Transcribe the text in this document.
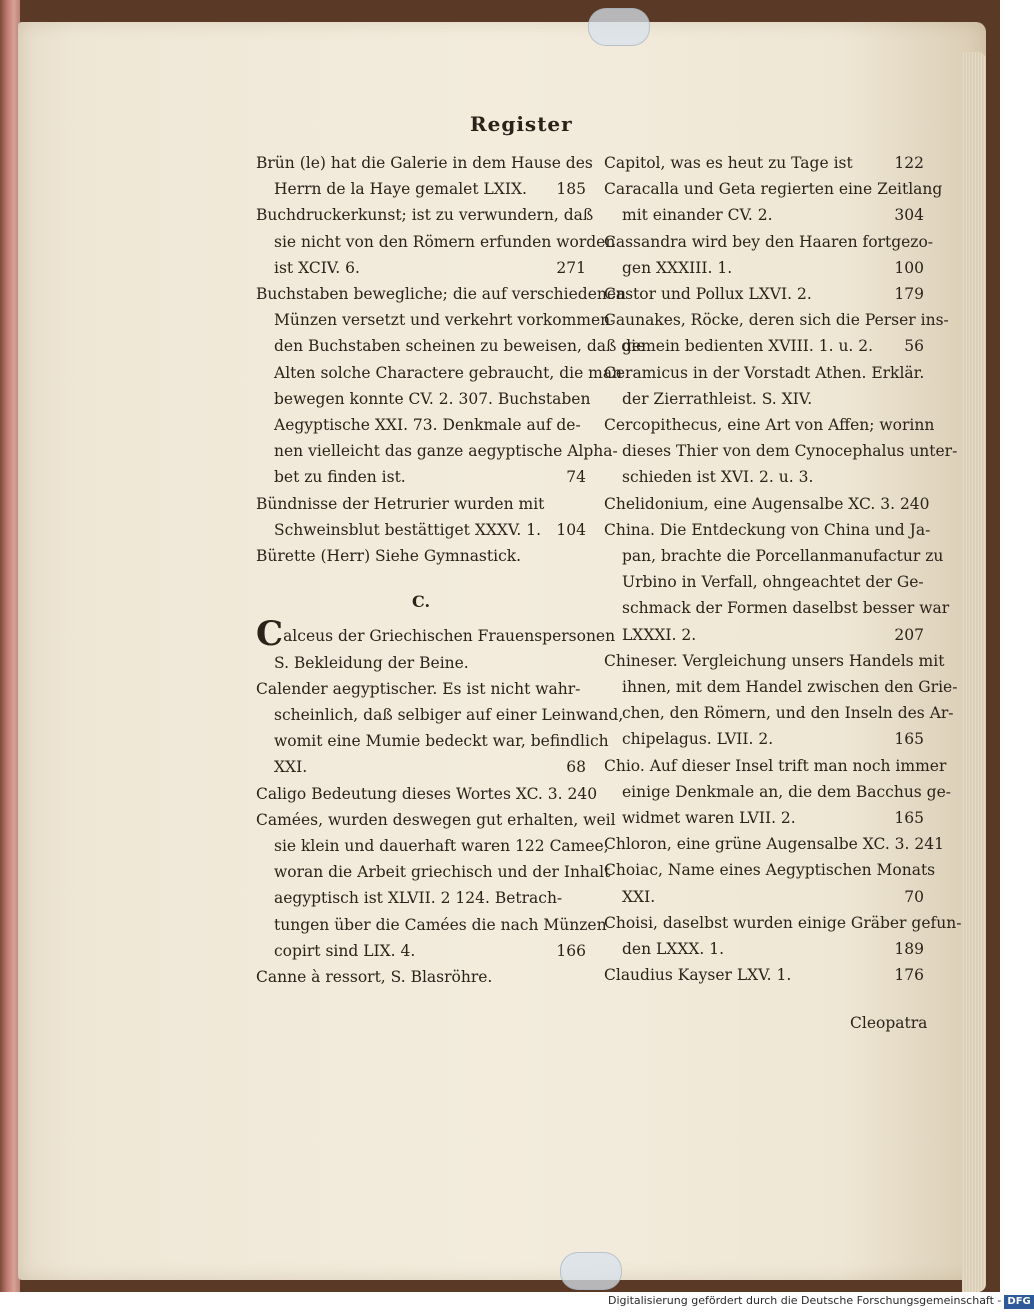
Register
Brün (le) hat die Galerie in dem Hause des
185
Herrn de la Haye gemalet LXIX.
Buchdruckerkunst; ist zu verwundern, daß
sie nicht von den Römern erfunden worden
271
ist XCIV. 6.
Buchstaben bewegliche; die auf verschiedenen
Münzen versetzt und verkehrt vorkommen-
den Buchstaben scheinen zu beweisen, daß die
Alten solche Charactere gebraucht, die man
bewegen konnte CV. 2. 307. Buchstaben
Aegyptische XXI. 73. Denkmale auf de-
nen vielleicht das ganze aegyptische Alpha-
74
bet zu finden ist.
Bündnisse der Hetrurier wurden mit
104
Schweinsblut bestättiget XXXV. 1.
Bürette (Herr) Siehe Gymnastick.
C.
Calceus der Griechischen Frauenspersonen
S. Bekleidung der Beine.
Calender aegyptischer. Es ist nicht wahr-
scheinlich, daß selbiger auf einer Leinwand,
womit eine Mumie bedeckt war, befindlich
68
XXI.
Caligo Bedeutung dieses Wortes XC. 3. 240
Camées, wurden deswegen gut erhalten, weil
sie klein und dauerhaft waren 122 Camee,
woran die Arbeit griechisch und der Inhalt
aegyptisch ist XLVII. 2 124. Betrach-
tungen über die Camées die nach Münzen
166
copirt sind LIX. 4.
Canne à ressort, S. Blasröhre.
122
Capitol, was es heut zu Tage ist
Caracalla und Geta regierten eine Zeitlang
304
mit einander CV. 2.
Cassandra wird bey den Haaren fortgezo-
100
gen XXXIII. 1.
179
Castor und Pollux LXVI. 2.
Caunakes, Röcke, deren sich die Perser ins-
56
gemein bedienten XVIII. 1. u. 2.
Ceramicus in der Vorstadt Athen. Erklär.
der Zierrathleist. S. XIV.
Cercopithecus, eine Art von Affen; worinn
dieses Thier von dem Cynocephalus unter-
schieden ist XVI. 2. u. 3.
Chelidonium, eine Augensalbe XC. 3. 240
China. Die Entdeckung von China und Ja-
pan, brachte die Porcellanmanufactur zu
Urbino in Verfall, ohngeachtet der Ge-
schmack der Formen daselbst besser war
207
LXXXI. 2.
Chineser. Vergleichung unsers Handels mit
ihnen, mit dem Handel zwischen den Grie-
chen, den Römern, und den Inseln des Ar-
165
chipelagus. LVII. 2.
Chio. Auf dieser Insel trift man noch immer
einige Denkmale an, die dem Bacchus ge-
165
widmet waren LVII. 2.
Chloron, eine grüne Augensalbe XC. 3. 241
Choiac, Name eines Aegyptischen Monats
70
XXI.
Choisi, daselbst wurden einige Gräber gefun-
189
den LXXX. 1.
176
Claudius Kayser LXV. 1.
Cleopatra
Digitalisierung gefördert durch die Deutsche Forschungsgemeinschaft - DFG
